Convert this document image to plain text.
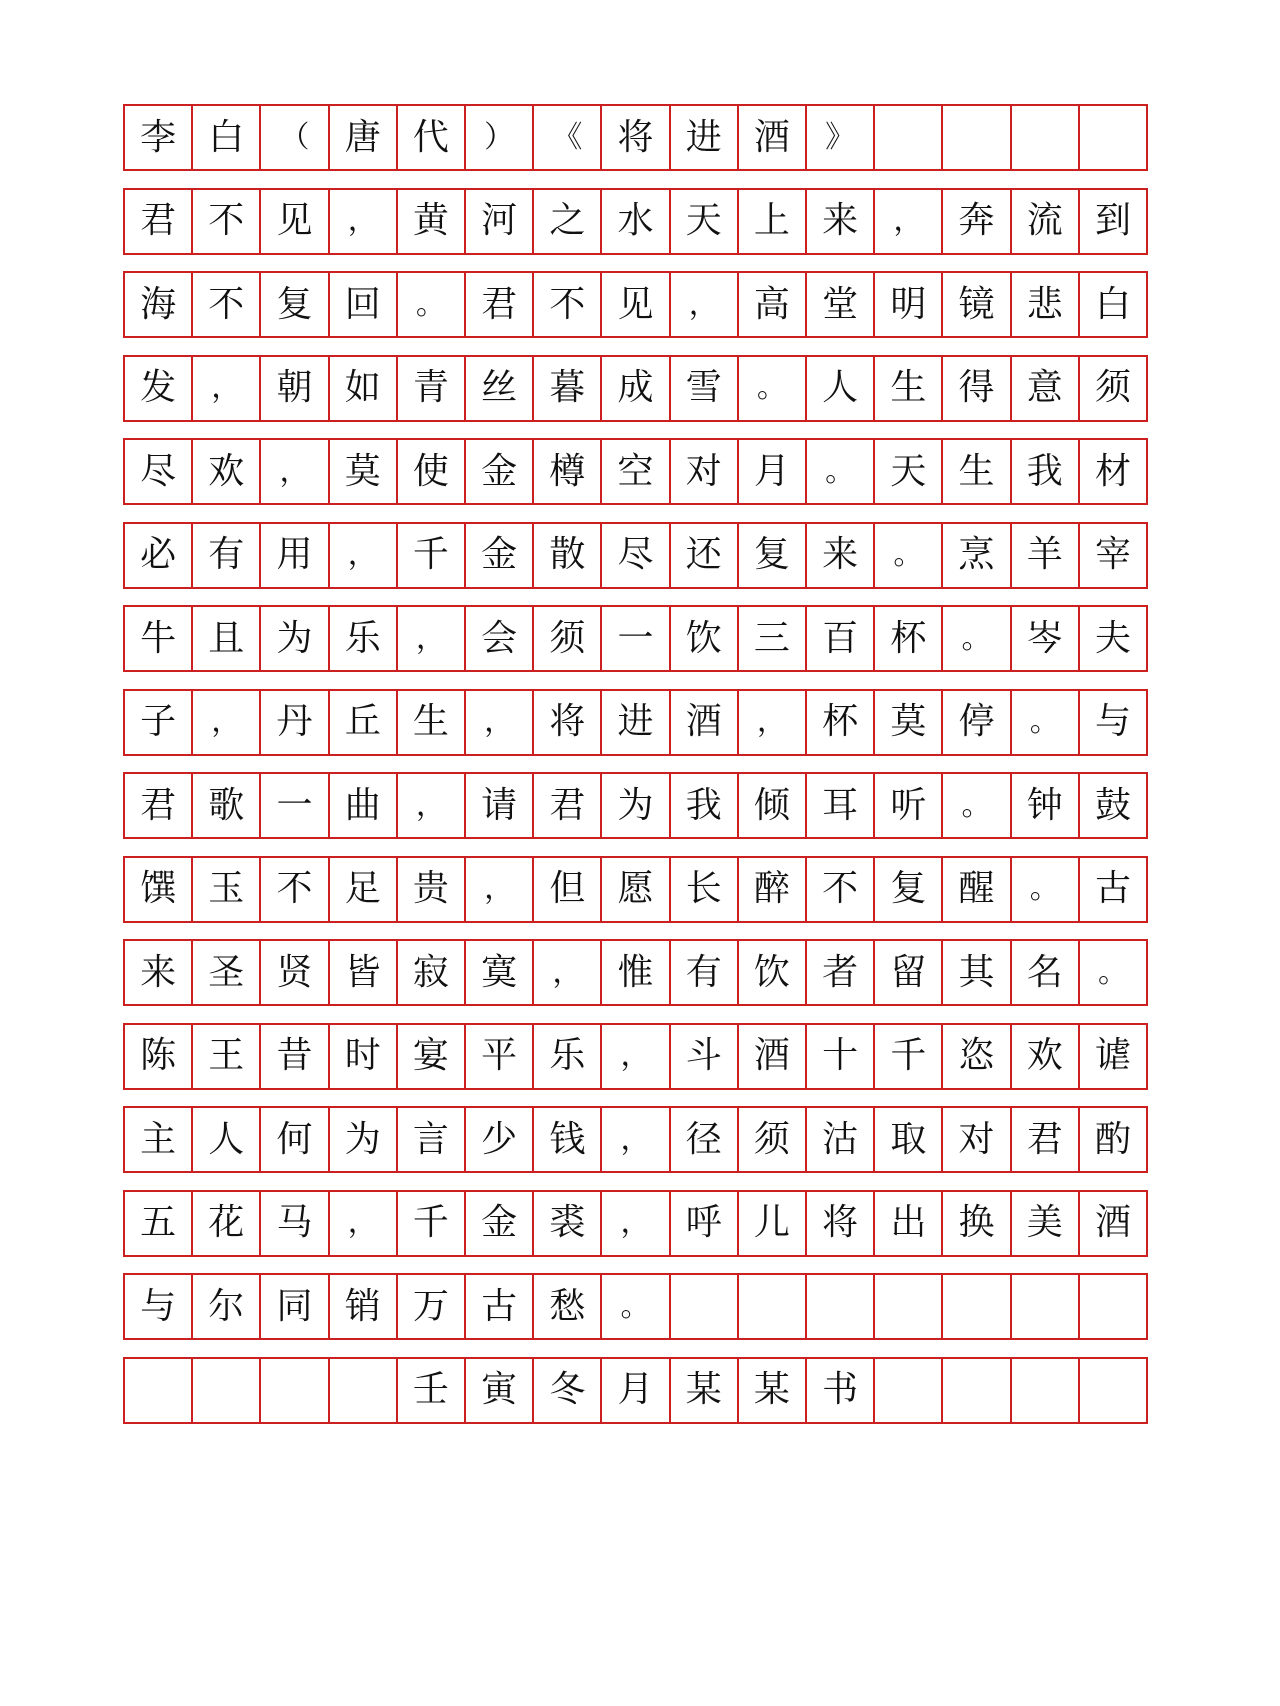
李 白	（ 唐 代	）	《 将 进 酒	》
君 不 见	， 黄 河 之 水 天 上 来	， 奔 流 到
海 不 复 回	。 君 不 见	， 高 堂 明 镜 悲 白
发	， 朝 如 青 丝 暮 成 雪	。 人 生 得 意 须
尽 欢	， 莫 使 金 樽 空 对 月	。 天 生 我 材
必 有 用	， 千 金 散 尽 还 复 来	。 烹 羊 宰
牛 且 为 乐	， 会 须 一 饮 三 百 杯	。 岑 夫
子	， 丹 丘 生	， 将 进 酒	， 杯 莫 停	。 与
君 歌 一 曲	， 请 君 为 我 倾 耳 听	。 钟 鼓
馔 玉 不 足 贵	， 但 愿 长 醉 不 复 醒	。 古
来 圣 贤 皆 寂 寞	， 惟 有 饮 者 留 其 名	。
陈 王 昔 时 宴 平 乐	， 斗 酒 十 千 恣 欢 谑
主 人 何 为 言 少 钱	， 径 须 沽 取 对 君 酌
五 花 马	， 千 金 裘	， 呼 儿 将 出 换 美 酒
与 尔 同 销 万 古 愁	。
壬 寅 冬 月 某 某 书
